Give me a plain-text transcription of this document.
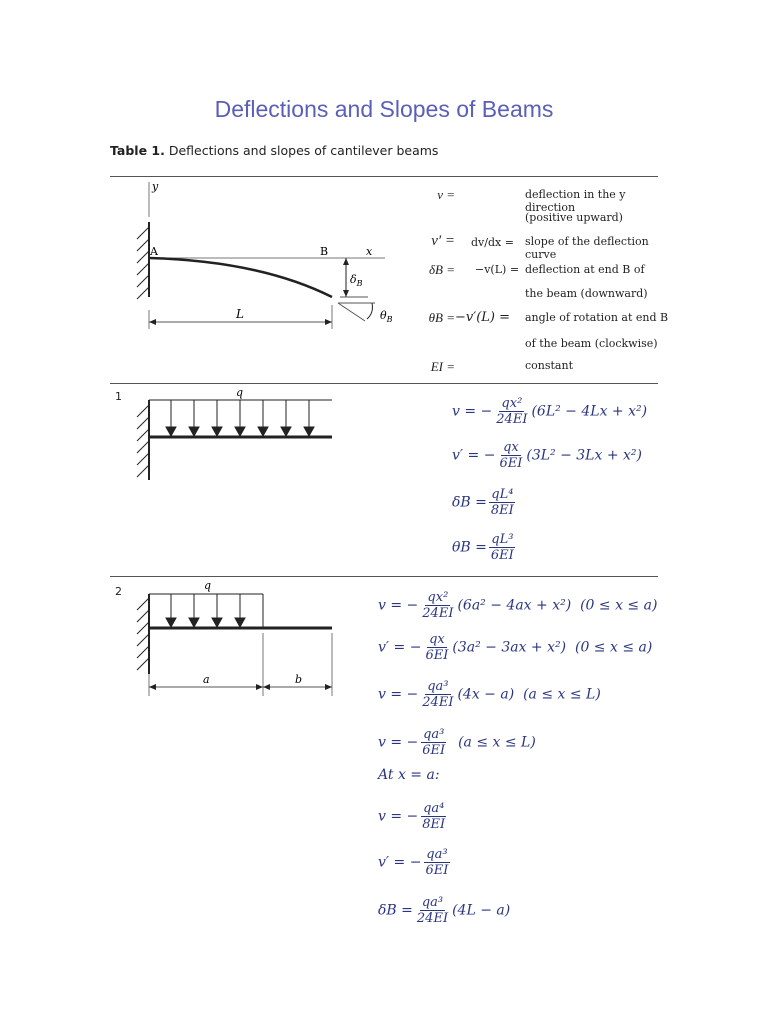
Deflections and Slopes of Beams
Table 1. Deflections and slopes of cantilever beams
y
x
A	B
$\delta_B$
$\theta_B$
L
v =	deflection in the y direction
(positive upward)
v′ = dv/dx = slope of the deflection curve
δB = −v(L) = deflection at end B of
the beam (downward)
θB = −v′(L) = angle of rotation at end B
of the beam (clockwise)
EI =	constant
1	q
v = − $\frac{\text{qx²}}{24EI} (6L^2 - 4Lx + x^2)$
v′ = − $\frac{qx}{6EI} (3L^2 - 3Lx + x^2)$
$\delta B = \frac{\text{qL⁴}}{8EI}$
$\theta B = \frac{\text{qL³}}{6EI}$
2	q
a	b
v = − $\frac{\text{qx²}}{24EI} (6a^2 - 4ax + x^2) (0 \le x \le a)$
v′ = − $\frac{qx}{6EI} (3a^2 - 3ax + x^2) (0 \le x \le a)$
v = − $\frac{\text{qa³}}{24EI} (4x - a) (a \le x \le L)$
v = − $\frac{\text{qa³}}{6EI} (a \le x \le L)$
At x = a:
v = − $\frac{\text{qa⁴}}{8EI}$
v′ = − $\frac{\text{qa³}}{6EI}$
$\delta B = \frac{\text{qa³}}{24EI} (4L - a)$
